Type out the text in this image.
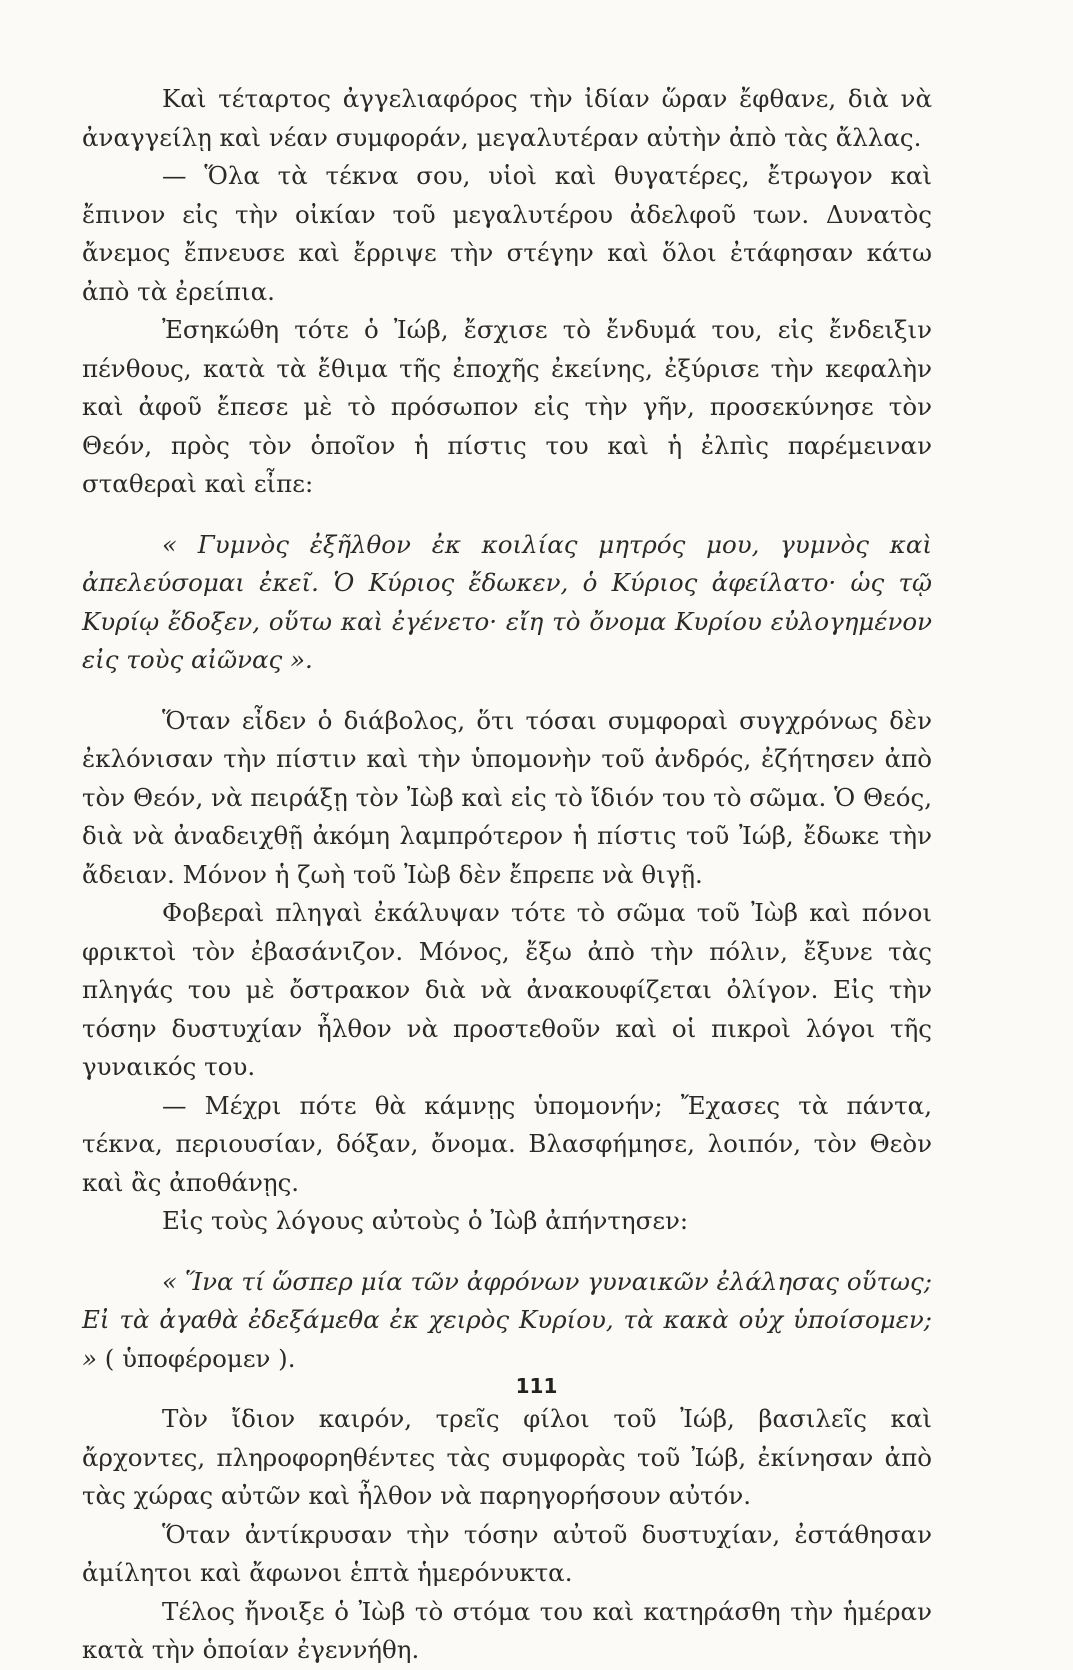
Καὶ τέταρτος ἀγγελιαφόρος τὴν ἰδίαν ὥραν ἔφθανε, διὰ νὰ ἀναγγείλῃ καὶ νέαν συμφοράν, μεγαλυτέραν αὐτὴν ἀπὸ τὰς ἄλλας.

— Ὅλα τὰ τέκνα σου, υἱοὶ καὶ θυγατέρες, ἔτρωγον καὶ ἔπινον εἰς τὴν οἰκίαν τοῦ μεγαλυτέρου ἀδελφοῦ των. Δυνατὸς ἄνεμος ἔπνευσε καὶ ἔρριψε τὴν στέγην καὶ ὅλοι ἐτάφησαν κάτω ἀπὸ τὰ ἐρείπια.

Ἐσηκώθη τότε ὁ Ἰώβ, ἔσχισε τὸ ἔνδυμά του, εἰς ἔνδειξιν πένθους, κατὰ τὰ ἔθιμα τῆς ἐποχῆς ἐκείνης, ἐξύρισε τὴν κεφαλὴν καὶ ἀφοῦ ἔπεσε μὲ τὸ πρόσωπον εἰς τὴν γῆν, προσεκύνησε τὸν Θεόν, πρὸς τὸν ὁποῖον ἡ πίστις του καὶ ἡ ἐλπὶς παρέμειναν σταθεραὶ καὶ εἶπε:

« Γυμνὸς ἐξῆλθον ἐκ κοιλίας μητρός μου, γυμνὸς καὶ ἀπελεύσομαι ἐκεῖ. Ὁ Κύριος ἔδωκεν, ὁ Κύριος ἀφείλατο· ὡς τῷ Κυρίῳ ἔδοξεν, οὕτω καὶ ἐγένετο· εἴη τὸ ὄνομα Κυρίου εὐλογημένον εἰς τοὺς αἰῶνας ».

Ὅταν εἶδεν ὁ διάβολος, ὅτι τόσαι συμφοραὶ συγχρόνως δὲν ἐκλόνισαν τὴν πίστιν καὶ τὴν ὑπομονὴν τοῦ ἀνδρός, ἐζήτησεν ἀπὸ τὸν Θεόν, νὰ πειράξῃ τὸν Ἰὼβ καὶ εἰς τὸ ἴδιόν του τὸ σῶμα. Ὁ Θεός, διὰ νὰ ἀναδειχθῇ ἀκόμη λαμπρότερον ἡ πίστις τοῦ Ἰώβ, ἔδωκε τὴν ἄδειαν. Μόνον ἡ ζωὴ τοῦ Ἰὼβ δὲν ἔπρεπε νὰ θιγῇ.

Φοβεραὶ πληγαὶ ἐκάλυψαν τότε τὸ σῶμα τοῦ Ἰὼβ καὶ πόνοι φρικτοὶ τὸν ἐβασάνιζον. Μόνος, ἔξω ἀπὸ τὴν πόλιν, ἔξυνε τὰς πληγάς του μὲ ὄστρακον διὰ νὰ ἀνακουφίζεται ὀλίγον. Εἰς τὴν τόσην δυστυχίαν ἦλθον νὰ προστεθοῦν καὶ οἱ πικροὶ λόγοι τῆς γυναικός του.

— Μέχρι πότε θὰ κάμνῃς ὑπομονήν; Ἔχασες τὰ πάντα, τέκνα, περιουσίαν, δόξαν, ὄνομα. Βλασφήμησε, λοιπόν, τὸν Θεὸν καὶ ἂς ἀποθάνῃς.

Εἰς τοὺς λόγους αὐτοὺς ὁ Ἰὼβ ἀπήντησεν:

« Ἵνα τί ὥσπερ μία τῶν ἀφρόνων γυναικῶν ἐλάλησας οὕτως; Εἰ τὰ ἀγαθὰ ἐδεξάμεθα ἐκ χειρὸς Κυρίου, τὰ κακὰ οὐχ ὑποίσομεν; » ( ὑποφέρομεν ).

Τὸν ἴδιον καιρόν, τρεῖς φίλοι τοῦ Ἰώβ, βασιλεῖς καὶ ἄρχοντες, πληροφορηθέντες τὰς συμφορὰς τοῦ Ἰώβ, ἐκίνησαν ἀπὸ τὰς χώρας αὐτῶν καὶ ἦλθον νὰ παρηγορήσουν αὐτόν.

Ὅταν ἀντίκρυσαν τὴν τόσην αὐτοῦ δυστυχίαν, ἐστάθησαν ἀμίλητοι καὶ ἄφωνοι ἑπτὰ ἡμερόνυκτα.

Τέλος ἤνοιξε ὁ Ἰὼβ τὸ στόμα του καὶ κατηράσθη τὴν ἡμέραν κατὰ τὴν ὁποίαν ἐγεννήθη.

111
